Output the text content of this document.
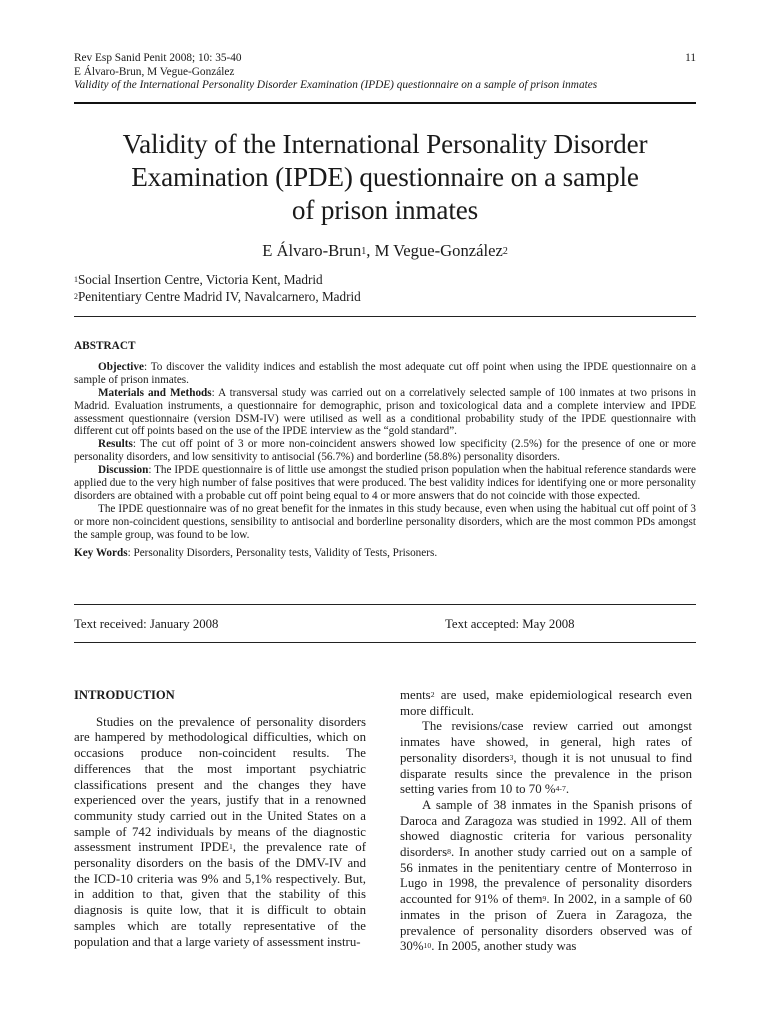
Rev Esp Sanid Penit 2008; 10: 35-40
E Álvaro-Brun, M Vegue-González
Validity of the International Personality Disorder Examination (IPDE) questionnaire on a sample of prison inmates
11
Validity of the International Personality Disorder
Examination (IPDE) questionnaire on a sample
of prison inmates
E Álvaro-Brun$^1$, M Vegue-González$^2$
$^1$Social Insertion Centre, Victoria Kent, Madrid
$^2$Penitentiary Centre Madrid IV, Navalcarnero, Madrid
ABSTRACT

Objective: To discover the validity indices and establish the most adequate cut off point when using the IPDE questionnaire on a sample of prison inmates.

Materials and Methods: A transversal study was carried out on a correlatively selected sample of 100 inmates at two prisons in Madrid. Evaluation instruments, a questionnaire for demographic, prison and toxicological data and a complete interview and IPDE assessment questionnaire (version DSM-IV) were utilised as well as a conditional probability study of the IPDE questionnaire with different cut off points based on the use of the IPDE interview as the “gold standard”.

Results: The cut off point of 3 or more non-coincident answers showed low specificity (2.5%) for the presence of one or more personality disorders, and low sensitivity to antisocial (56.7%) and borderline (58.8%) personality disorders.

Discussion: The IPDE questionnaire is of little use amongst the studied prison population when the habitual reference standards were applied due to the very high number of false positives that were produced. The best validity indices for identifying one or more personality disorders are obtained with a probable cut off point being equal to 4 or more answers that do not coincide with those expected.

The IPDE questionnaire was of no great benefit for the inmates in this study because, even when using the habitual cut off point of 3 or more non-coincident questions, sensibility to antisocial and borderline personality disorders, which are the most common PDs amongst the sample group, was found to be low.

Key Words: Personality Disorders, Personality tests, Validity of Tests, Prisoners.

Text received: January 2008	Text accepted: May 2008
INTRODUCTION

Studies on the prevalence of personality disorders are hampered by methodological difficulties, which on occasions produce non-coincident results. The differences that the most important psychiatric classifications present and the changes they have experienced over the years, justify that in a renowned community study carried out in the United States on a sample of 742 individuals by means of the diagnostic assessment instrument IPDE$^1$, the prevalence rate of personality disorders on the basis of the DMV-IV and the ICD-10 criteria was 9% and 5,1% respectively. But, in addition to that, given that the stability of this diagnosis is quite low, that it is difficult to obtain samples which are totally representative of the population and that a large variety of assessment instru-

ments$^2$ are used, make epidemiological research even more difficult.

The revisions/case review carried out amongst inmates have showed, in general, high rates of personality disorders$^3$, though it is not unusual to find disparate results since the prevalence in the prison setting varies from 10 to 70 %$^{4-7}$.

A sample of 38 inmates in the Spanish prisons of Daroca and Zaragoza was studied in 1992. All of them showed diagnostic criteria for various personality disorders$^8$. In another study carried out on a sample of 56 inmates in the penitentiary centre of Monterroso in Lugo in 1998, the prevalence of personality disorders accounted for 91% of them$^9$. In 2002, in a sample of 60 inmates in the prison of Zuera in Zaragoza, the prevalence of personality disorders observed was of 30%$^{10}$. In 2005, another study was
